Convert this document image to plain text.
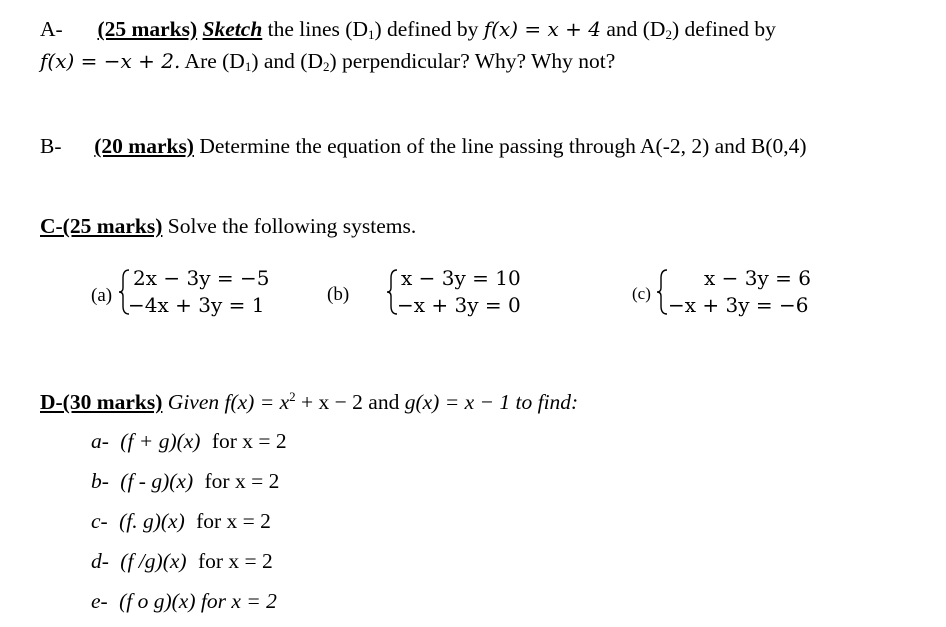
A- (25 marks) Sketch the lines $(D_1)$ defined by f(x) = x + 4 and $(D_2)$ defined by
f(x) = −x + 2. Are $(D_1)$ and $(D_2)$ perpendicular? Why? Why not?
B- (20 marks) Determine the equation of the line passing through A(-2, 2) and B(0,4)
C-(25 marks) Solve the following systems.
(a)
2x − 3y = −5
−4x + 3y = 1	(b)
x − 3y = 10
−x + 3y = 0	(c)
x − 3y = 6
−x + 3y = −6
D-(30 marks) Given $f(x) = x^2 + x - 2$ and g(x) = x − 1 to find:
a- (f + g)(x) for x = 2
b- (f - g)(x) for x = 2
c- (f. g)(x) for x = 2
d- (f /g)(x) for x = 2
e- (f o g)(x) for x = 2
